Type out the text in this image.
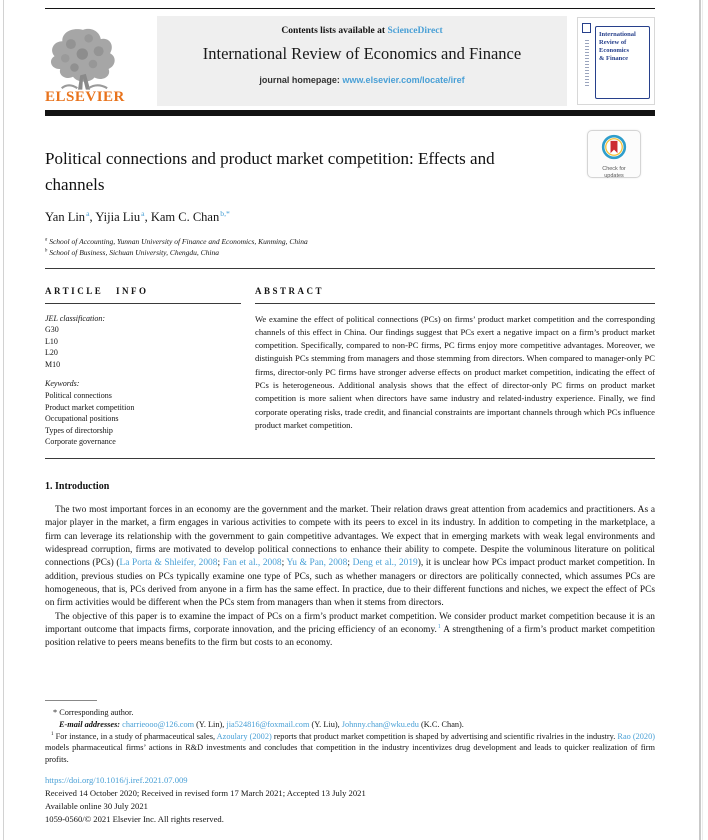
ELSEVIER
Contents lists available at ScienceDirect
International Review of Economics and Finance
journal homepage: www.elsevier.com/locate/iref
International
Review of
Economics
& Finance
Political connections and product market competition: Effects and channels
Check for
updates
Yan Lin$^a$, Yijia Liu$^a$, Kam C. Chan$^{b,*}$
$^a$ School of Accounting, Yunnan University of Finance and Economics, Kunming, China
$^b$ School of Business, Sichuan University, Chengdu, China
ARTICLE INFO
JEL classification:
G30
L10
L20
M10
Keywords:
Political connections
Product market competition
Occupational positions
Types of directorship
Corporate governance
ABSTRACT
We examine the effect of political connections (PCs) on firms’ product market competition and the corresponding channels of this effect in China. Our findings suggest that PCs exert a negative impact on a firm’s product market competition. Specifically, compared to non-PC firms, PC firms enjoy more competitive advantages. Moreover, we distinguish PCs stemming from managers and those stemming from directors. When compared to manager-only PC firms, director-only PC firms have stronger adverse effects on product market competition, indicating the effect of PCs is heterogeneous. Additional analysis shows that the effect of director-only PC firms on product market competition is more salient when directors have same industry and related-industry experience. Finally, we find corporate operating risks, trade credit, and financial constraints are important channels through which PCs influence product market competition.
1. Introduction
The two most important forces in an economy are the government and the market. Their relation draws great attention from academics and practitioners. As a major player in the market, a firm engages in various activities to compete with its peers to excel in its industry. In addition to competing in the marketplace, a firm can leverage its relationship with the government to gain competitive advantages. We expect that in emerging markets with weak legal environments and widespread corruption, firms are motivated to develop political connections to enhance their ability to compete. Despite the voluminous literature on political connections (PCs) (La Porta & Shleifer, 2008; Fan et al., 2008; Yu & Pan, 2008; Deng et al., 2019), it is unclear how PCs impact product market competition. In addition, previous studies on PCs typically examine one type of PCs, such as whether managers or directors are politically connected, which assumes PCs are homogeneous, that is, PCs derived from anyone in a firm has the same effect. In practice, due to their different functions and niches, we expect the effect of PCs on firm activities would be different when the PCs stem from managers than when it stems from directors.
The objective of this paper is to examine the impact of PCs on a firm’s product market competition. We consider product market competition because it is an important outcome that impacts firms, corporate innovation, and the pricing efficiency of an economy.$^1$ A strengthening of a firm’s product market competition position relative to peers means benefits to the firm but costs to an economy.
* Corresponding author.
E-mail addresses: charrieooo@126.com (Y. Lin), jia524816@foxmail.com (Y. Liu), Johnny.chan@wku.edu (K.C. Chan).
$^1$ For instance, in a study of pharmaceutical sales, Azoulary (2002) reports that product market competition is shaped by advertising and scientific rivalries in the industry. Rao (2020) models pharmaceutical firms’ actions in R&D investments and concludes that competition in the industry incentivizes drug development and leads to quicker realization of firm profits.
https://doi.org/10.1016/j.iref.2021.07.009
Received 14 October 2020; Received in revised form 17 March 2021; Accepted 13 July 2021
Available online 30 July 2021
1059-0560/© 2021 Elsevier Inc. All rights reserved.
